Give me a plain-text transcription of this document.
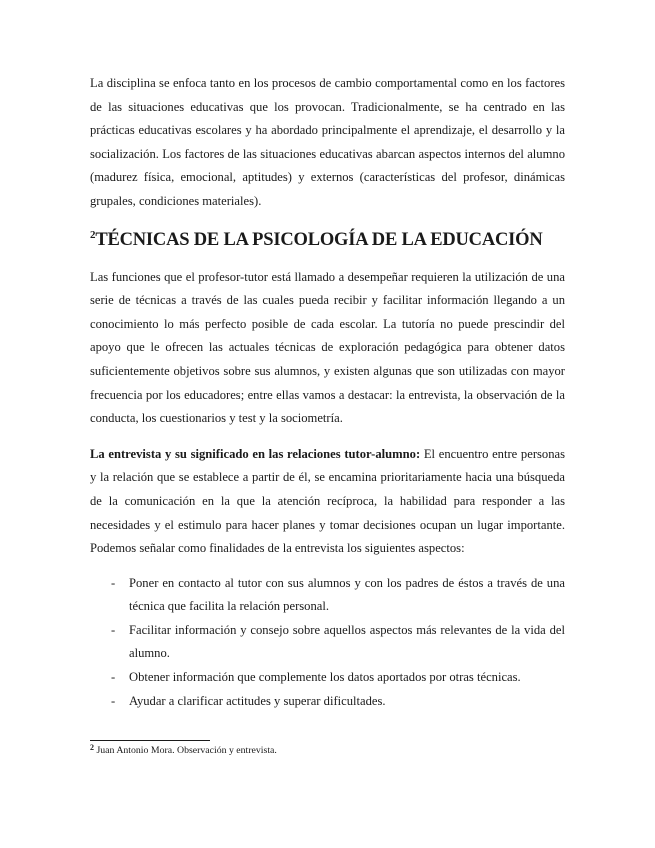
La disciplina se enfoca tanto en los procesos de cambio comportamental como en los factores de las situaciones educativas que los provocan. Tradicionalmente, se ha centrado en las prácticas educativas escolares y ha abordado principalmente el aprendizaje, el desarrollo y la socialización. Los factores de las situaciones educativas abarcan aspectos internos del alumno (madurez física, emocional, aptitudes) y externos (características del profesor, dinámicas grupales, condiciones materiales).

$^2$TÉCNICAS DE LA PSICOLOGÍA DE LA EDUCACIÓN

Las funciones que el profesor-tutor está llamado a desempeñar requieren la utilización de una serie de técnicas a través de las cuales pueda recibir y facilitar información llegando a un conocimiento lo más perfecto posible de cada escolar. La tutoría no puede prescindir del apoyo que le ofrecen las actuales técnicas de exploración pedagógica para obtener datos suficientemente objetivos sobre sus alumnos, y existen algunas que son utilizadas con mayor frecuencia por los educadores; entre ellas vamos a destacar: la entrevista, la observación de la conducta, los cuestionarios y test y la sociometría.

La entrevista y su significado en las relaciones tutor-alumno: El encuentro entre personas y la relación que se establece a partir de él, se encamina prioritariamente hacia una búsqueda de la comunicación en la que la atención recíproca, la habilidad para responder a las necesidades y el estimulo para hacer planes y tomar decisiones ocupan un lugar importante. Podemos señalar como finalidades de la entrevista los siguientes aspectos:

- Poner en contacto al tutor con sus alumnos y con los padres de éstos a través de una técnica que facilita la relación personal.
- Facilitar información y consejo sobre aquellos aspectos más relevantes de la vida del alumno.
- Obtener información que complemente los datos aportados por otras técnicas.
- Ayudar a clarificar actitudes y superar dificultades.
$^2$ Juan Antonio Mora. Observación y entrevista.
